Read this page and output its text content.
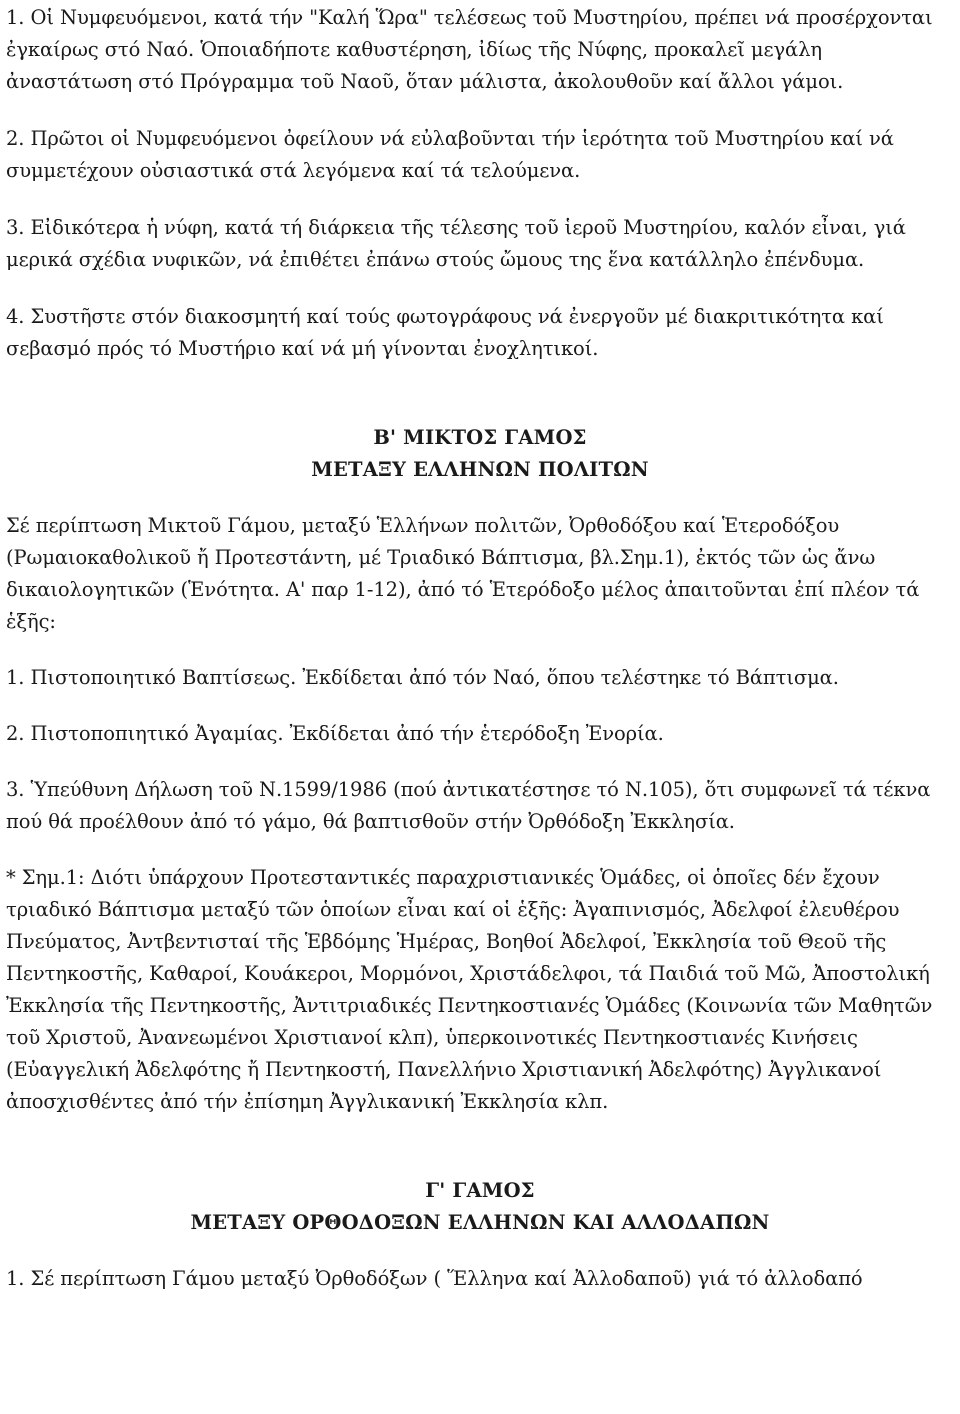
1. Οἱ Νυμφευόμενοι, κατά τήν "Καλή Ὥρα" τελέσεως τοῦ Μυστηρίου, πρέπει νά προσέρχονται ἐγκαίρως στό Ναό. Ὁποιαδήποτε καθυστέρηση, ἰδίως τῆς Νύφης, προκαλεῖ μεγάλη ἀναστάτωση στό Πρόγραμμα τοῦ Ναοῦ, ὅταν μάλιστα, ἀκολουθοῦν καί ἄλλοι γάμοι.

2. Πρῶτοι οἱ Νυμφευόμενοι ὀφείλουν νά εὐλαβοῦνται τήν ἱερότητα τοῦ Μυστηρίου καί νά συμμετέχουν οὐσιαστικά στά λεγόμενα καί τά τελούμενα.

3. Εἰδικότερα ἡ νύφη, κατά τή διάρκεια τῆς τέλεσης τοῦ ἱεροῦ Μυστηρίου, καλόν εἶναι, γιά μερικά σχέδια νυφικῶν, νά ἐπιθέτει ἐπάνω στούς ὤμους της ἕνα κατάλληλο ἐπένδυμα.

4. Συστῆστε στόν διακοσμητή καί τούς φωτογράφους νά ἐνεργοῦν μέ διακριτικότητα καί σεβασμό πρός τό Μυστήριο καί νά μή γίνονται ἐνοχλητικοί.

Β' ΜΙΚΤΟΣ ΓΑΜΟΣ
ΜΕΤΑΞΥ ΕΛΛΗΝΩΝ ΠΟΛΙΤΩΝ

Σέ περίπτωση Μικτοῦ Γάμου, μεταξύ Ἑλλήνων πολιτῶν, Ὀρθοδόξου καί Ἑτεροδόξου (Ρωμαιοκαθολικοῦ ἤ Προτεστάντη, μέ Τριαδικό Βάπτισμα, βλ.Σημ.1), ἐκτός τῶν ὡς ἄνω δικαιολογητικῶν (Ἑνότητα. Α' παρ 1-12), ἀπό τό Ἑτερόδοξο μέλος ἀπαιτοῦνται ἐπί πλέον τά ἑξῆς:

1. Πιστοποιητικό Βαπτίσεως. Ἐκδίδεται ἀπό τόν Ναό, ὅπου τελέστηκε τό Βάπτισμα.

2. Πιστοποπιητικό Ἀγαμίας. Ἐκδίδεται ἀπό τήν ἑτερόδοξη Ἐνορία.

3. Ὑπεύθυνη Δήλωση τοῦ Ν.1599/1986 (πού ἀντικατέστησε τό Ν.105), ὅτι συμφωνεῖ τά τέκνα πού θά προέλθουν ἀπό τό γάμο, θά βαπτισθοῦν στήν Ὀρθόδοξη Ἐκκλησία.

* Σημ.1: Διότι ὑπάρχουν Προτεσταντικές παραχριστιανικές Ὁμάδες, οἱ ὁποῖες δέν ἔχουν τριαδικό Βάπτισμα μεταξύ τῶν ὁποίων εἶναι καί οἱ ἑξῆς: Ἀγαπινισμός, Ἀδελφοί ἐλευθέρου Πνεύματος, Ἀντβενтισταί τῆς Ἑβδόμης Ἡμέρας, Βοηθοί Ἀδελφοί, Ἐκκλησία τοῦ Θεοῦ τῆς Πεντηκοστῆς, Καθαροί, Κουάκεροι, Μορμόνοι, Χριστάδελφοι, τά Παιδιά τοῦ Μῶ, Ἀποστολική Ἐκκλησία τῆς Πεντηκοστῆς, Ἀντιτριαδικές Πεντηκοστιανές Ὁμάδες (Κοινωνία τῶν Μαθητῶν τοῦ Χριστοῦ, Ἀνανεωμένοι Χριστιανοί κλπ), ὑπερκοινοτικές Πεντηκοστιανές Κινήσεις (Εὐαγγελική Ἀδελφότης ἤ Πεντηκοστή, Πανελλήνιο Χριστιανική Ἀδελφότης) Ἀγγλικανοί ἀποσχισθέντες ἀπό τήν ἐπίσημη Ἀγγλικανική Ἐκκλησία κλπ.

Γ' ΓΑΜΟΣ
ΜΕΤΑΞΥ ΟΡΘΟΔΟΞΩΝ ΕΛΛΗΝΩΝ ΚΑΙ ΑΛΛΟΔΑΠΩΝ

1. Σέ περίπτωση Γάμου μεταξύ Ὀρθοδόξων ( Ἕλληνα καί Ἀλλοδαποῦ) γιά τό ἀλλοδαπό
